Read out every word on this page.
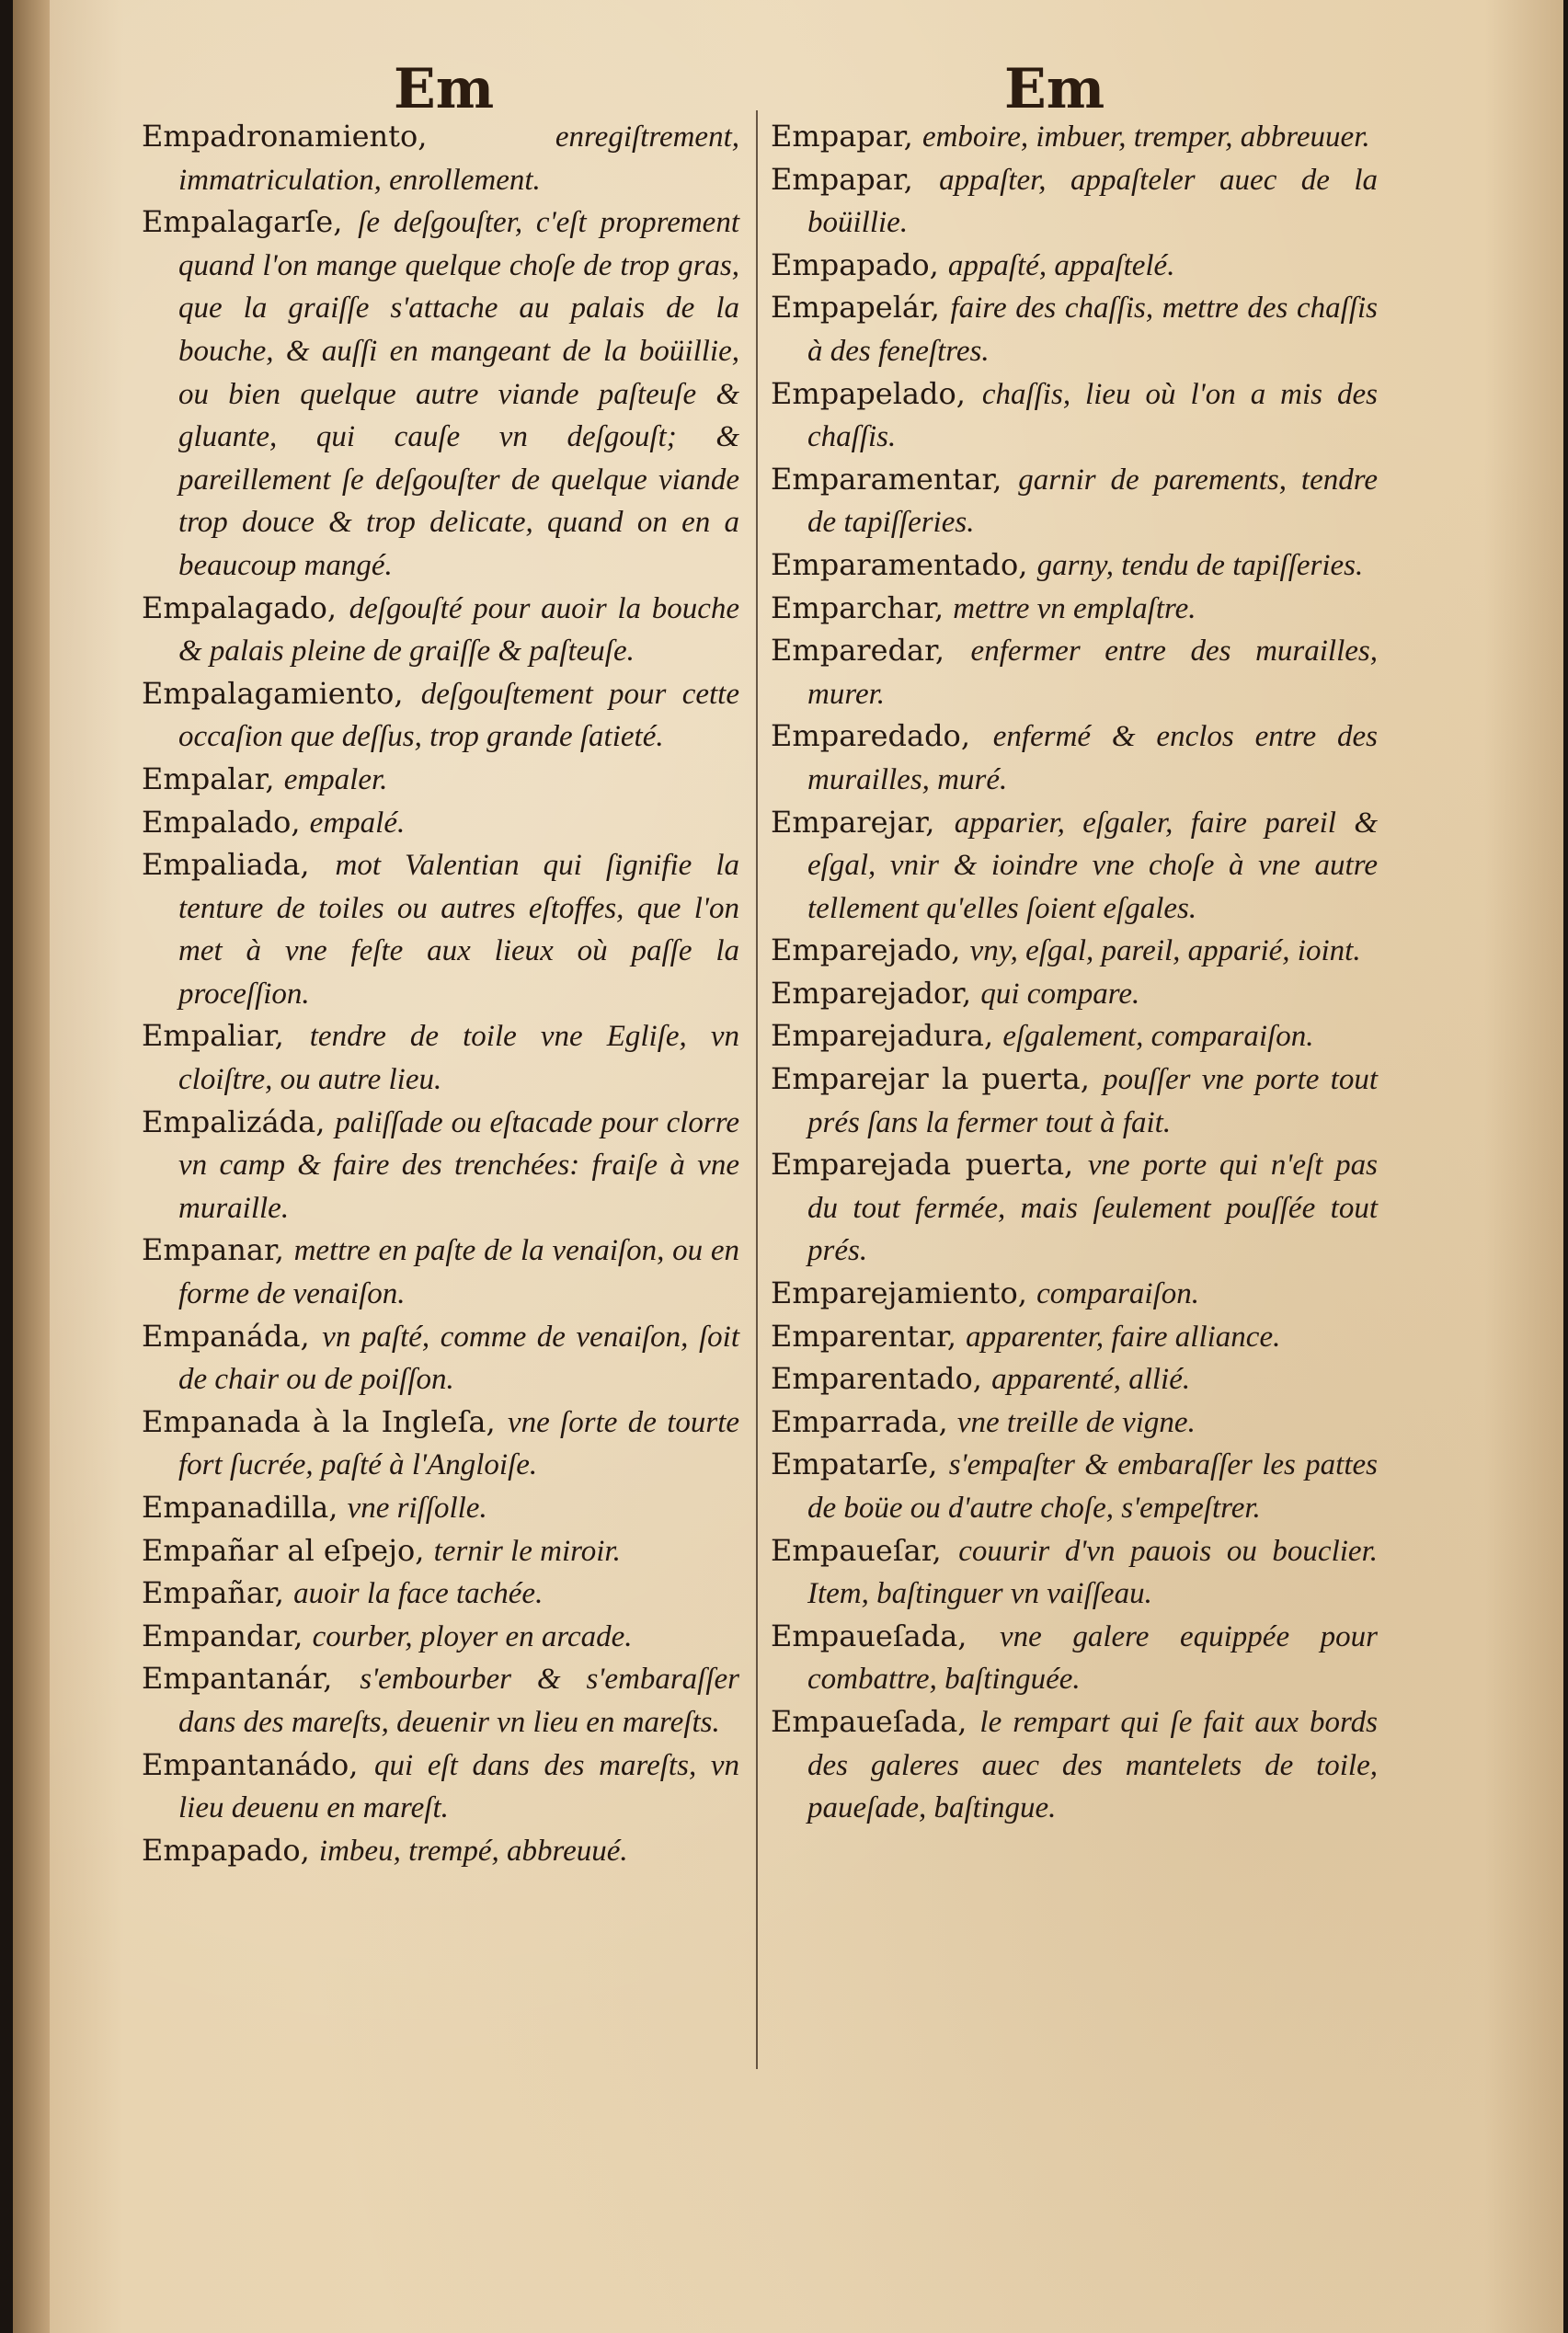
Em	Em

Empadronamiento, enregiſtrement, immatriculation, enrollement.

Empalagarſe, ſe deſgouſter, c'eſt proprement quand l'on mange quelque choſe de trop gras, que la graiſſe s'attache au palais de la bouche, & auſſi en mangeant de la boüillie, ou bien quelque autre viande paſteuſe & gluante, qui cauſe vn deſgouſt; & pareillement ſe deſgouſter de quelque viande trop douce & trop delicate, quand on en a beaucoup mangé.

Empalagado, deſgouſté pour auoir la bouche & palais pleine de graiſſe & paſteuſe.

Empalagamiento, deſgouſtement pour cette occaſion que deſſus, trop grande ſatieté.

Empalar, empaler.

Empalado, empalé.

Empaliada, mot Valentian qui ſignifie la tenture de toiles ou autres eſtoffes, que l'on met à vne feſte aux lieux où paſſe la proceſſion.

Empaliar, tendre de toile vne Egliſe, vn cloiſtre, ou autre lieu.

Empalizáda, paliſſade ou eſtacade pour clorre vn camp & faire des trenchées: fraiſe à vne muraille.

Empanar, mettre en paſte de la venaiſon, ou en forme de venaiſon.

Empanáda, vn paſté, comme de venaiſon, ſoit de chair ou de poiſſon.

Empanada à la Ingleſa, vne ſorte de tourte fort ſucrée, paſté à l'Angloiſe.

Empanadilla, vne riſſolle.

Empañar al eſpejo, ternir le miroir.

Empañar, auoir la face tachée.

Empandar, courber, ployer en arcade.

Empantanár, s'embourber & s'embaraſſer dans des mareſts, deuenir vn lieu en mareſts.

Empantanádo, qui eſt dans des mareſts, vn lieu deuenu en mareſt.

Empapado, imbeu, trempé, abbreuué.

Empapar, emboire, imbuer, tremper, abbreuuer.

Empapar, appaſter, appaſteler auec de la boüillie.

Empapado, appaſté, appaſtelé.

Empapelár, faire des chaſſis, mettre des chaſſis à des feneſtres.

Empapelado, chaſſis, lieu où l'on a mis des chaſſis.

Emparamentar, garnir de parements, tendre de tapiſſeries.

Emparamentado, garny, tendu de tapiſſeries.

Emparchar, mettre vn emplaſtre.

Emparedar, enfermer entre des murailles, murer.

Emparedado, enfermé & enclos entre des murailles, muré.

Emparejar, apparier, eſgaler, faire pareil & eſgal, vnir & ioindre vne choſe à vne autre tellement qu'elles ſoient eſgales.

Emparejado, vny, eſgal, pareil, apparié, ioint.

Emparejador, qui compare.

Emparejadura, eſgalement, comparaiſon.

Emparejar la puerta, pouſſer vne porte tout prés ſans la fermer tout à fait.

Emparejada puerta, vne porte qui n'eſt pas du tout fermée, mais ſeulement pouſſée tout prés.

Emparejamiento, comparaiſon.

Emparentar, apparenter, faire alliance.

Emparentado, apparenté, allié.

Emparrada, vne treille de vigne.

Empatarſe, s'empaſter & embaraſſer les pattes de boüe ou d'autre choſe, s'empeſtrer.

Empaueſar, couurir d'vn pauois ou bouclier. Item, baſtinguer vn vaiſſeau.

Empaueſada, vne galere equippée pour combattre, baſtinguée.

Empaueſada, le rempart qui ſe fait aux bords des galeres auec des mantelets de toile, paueſade, baſtingue.
